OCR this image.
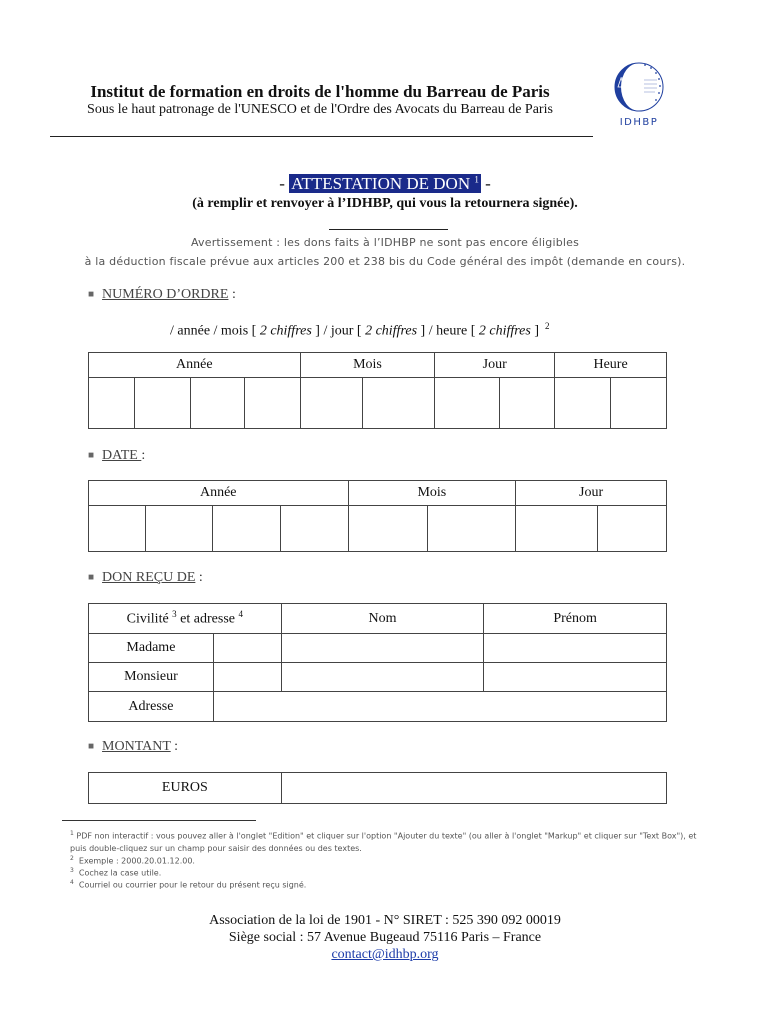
Institut de formation en droits de l'homme du Barreau de Paris
Sous le haut patronage de l'UNESCO et de l'Ordre des Avocats du Barreau de Paris
IDHBP
- ATTESTATION DE DON $^1$ -
(à remplir et renvoyer à l’IDHBP, qui vous la retournera signée).
Avertissement : les dons faits à l’IDHBP ne sont pas encore éligibles
à la déduction fiscale prévue aux articles 200 et 238 bis du Code général des impôt (demande en cours).
■ NUMÉRO D’ORDRE :
/ année / mois [ 2 chiffres ] / jour [ 2 chiffres ] / heure [ 2 chiffres ] $^2$
Année				Mois		Jour		Heure	

■ DATE :
Année				Mois		Jour	

■ DON REÇU DE :
Civilité $^3$ et adresse $^4$		Nom	Prénom
Madame			
Monsieur			
Adresse			
■ MONTANT :
EUROS	
$^1$ PDF non interactif : vous pouvez aller à l'onglet "Edition" et cliquer sur l'option "Ajouter du texte" (ou aller à l'onglet "Markup" et cliquer sur "Text Box"), et puis double-cliquez sur un champ pour saisir des données ou des textes.
$^2$ Exemple : 2000.20.01.12.00.
$^3$ Cochez la case utile.
$^4$ Courriel ou courrier pour le retour du présent reçu signé.
Association de la loi de 1901 - N° SIRET : 525 390 092 00019
Siège social : 57 Avenue Bugeaud 75116 Paris – France
contact@idhbp.org
